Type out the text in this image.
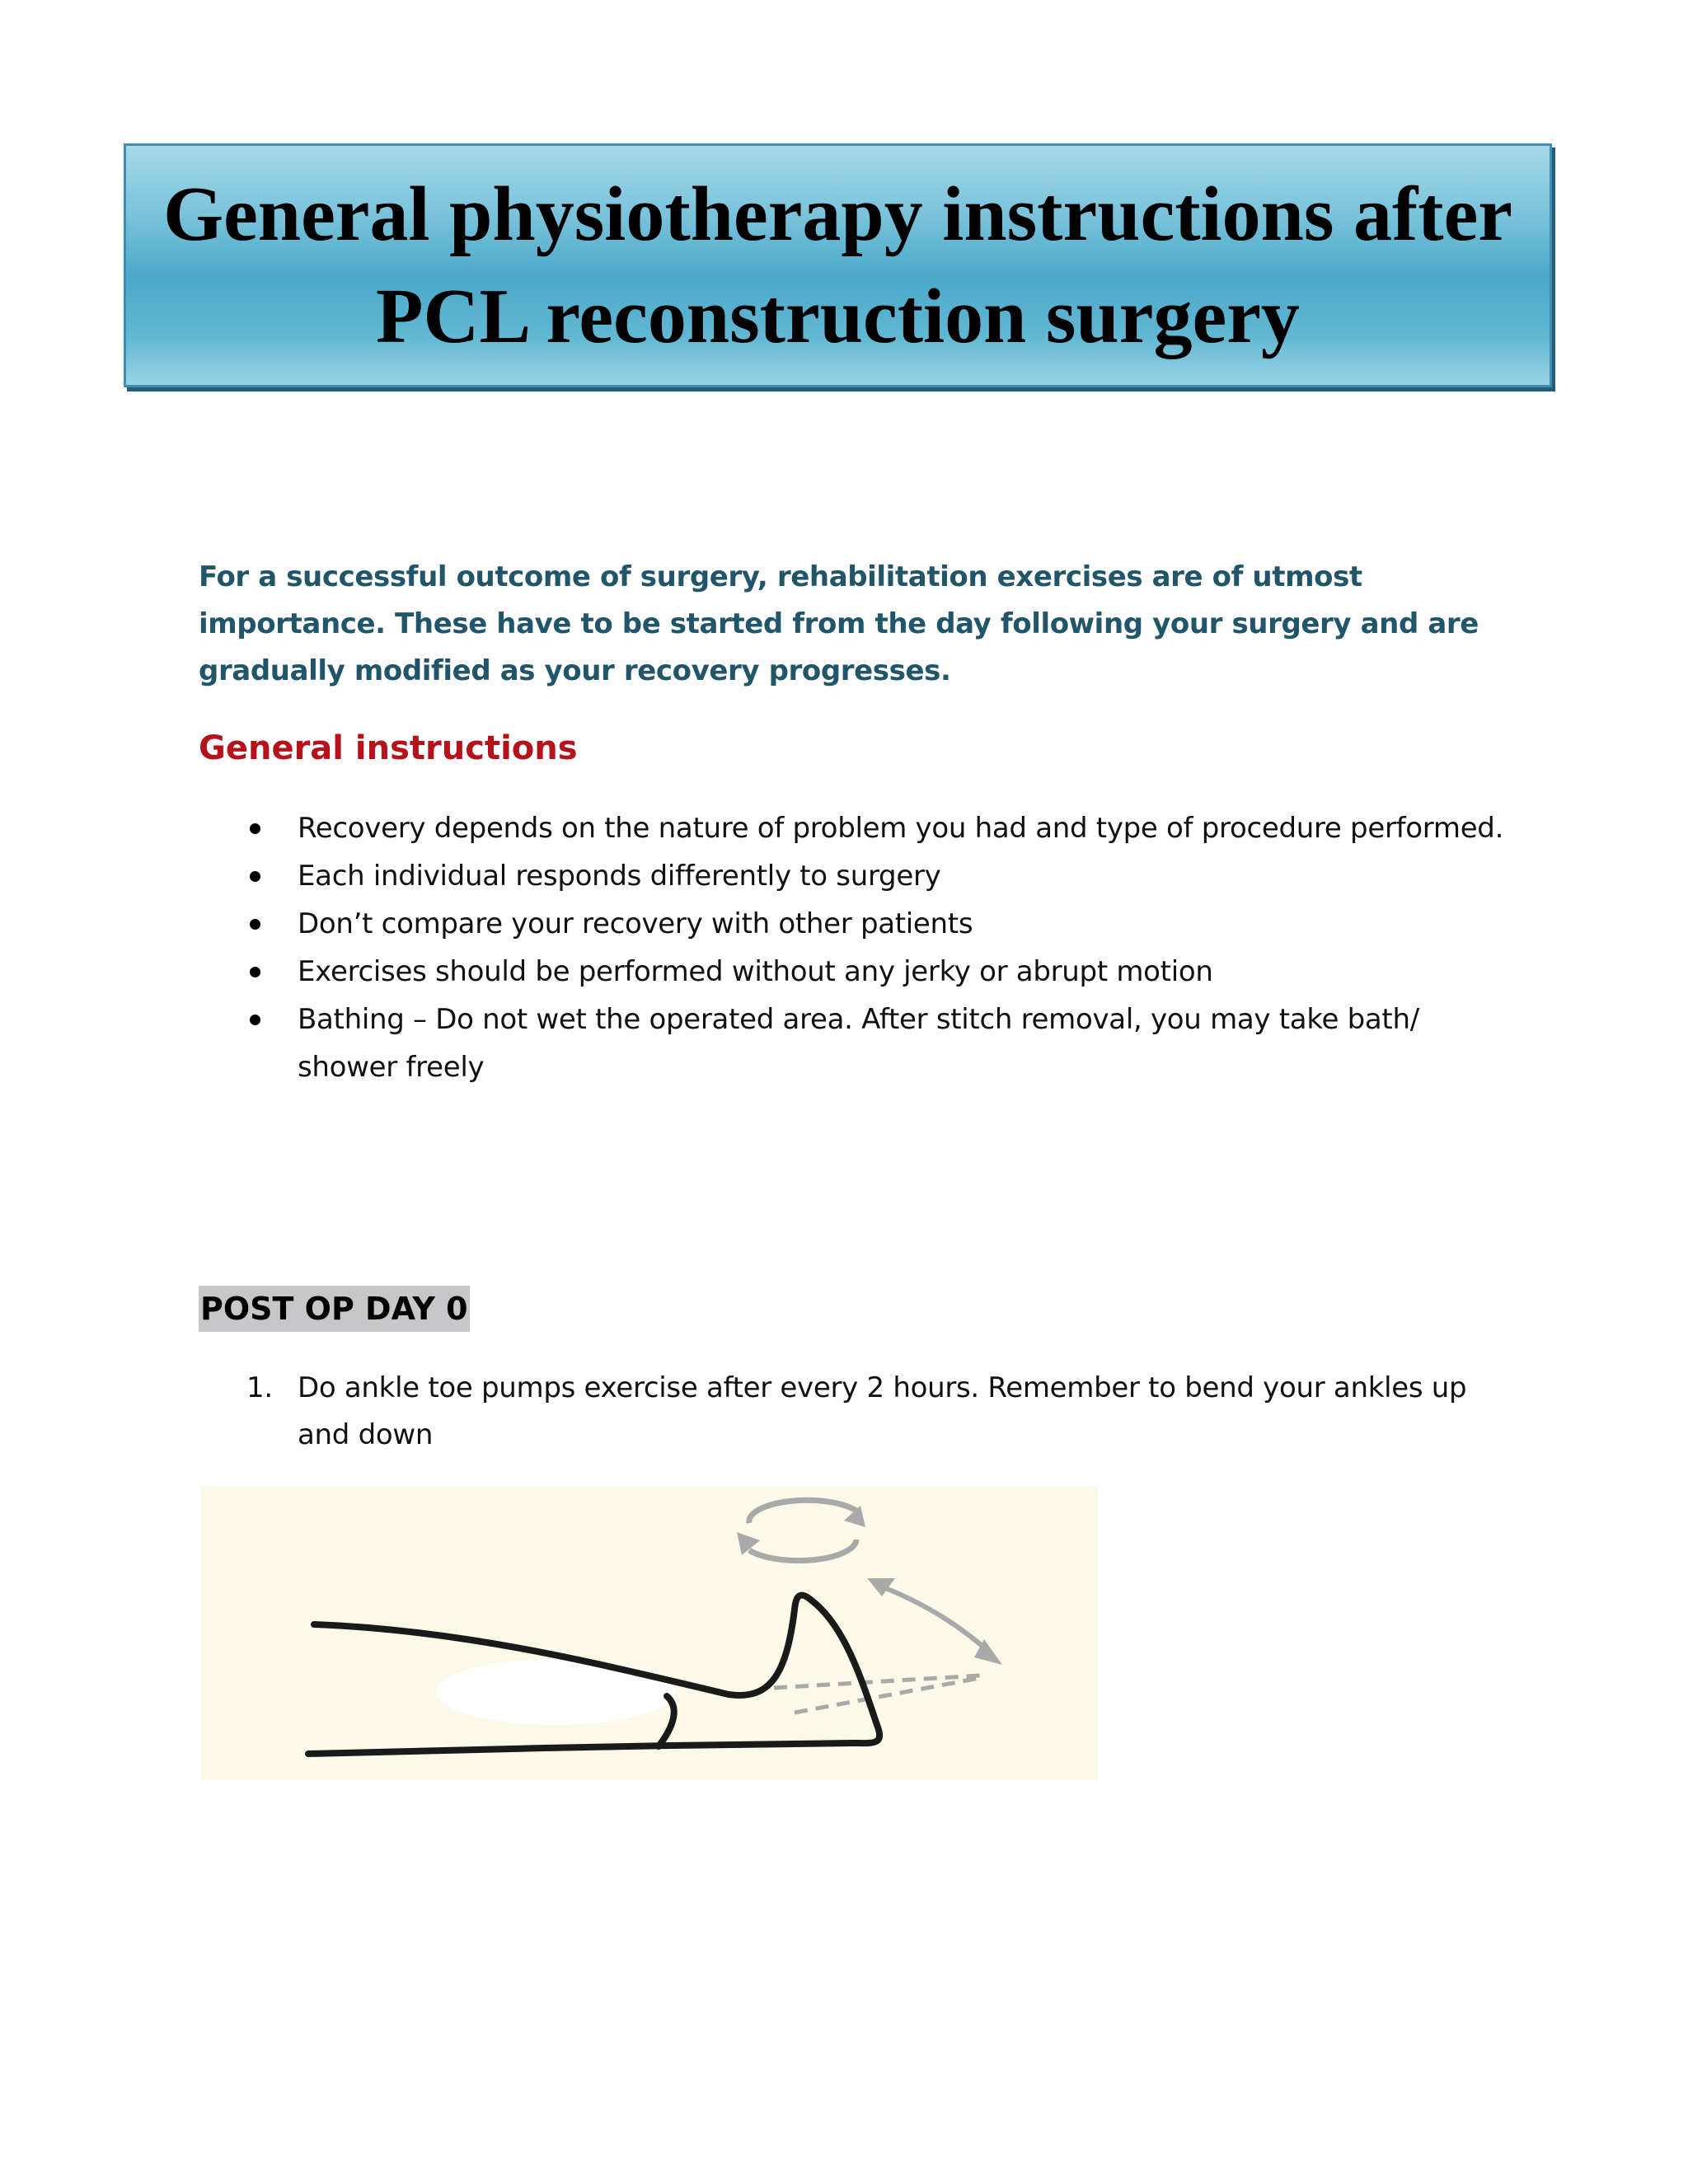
General physiotherapy instructions after
PCL reconstruction surgery

For a successful outcome of surgery, rehabilitation exercises are of utmost importance. These have to be started from the day following your surgery and are gradually modified as your recovery progresses.

General instructions
Recovery depends on the nature of problem you had and type of procedure performed.
Each individual responds differently to surgery
Don’t compare your recovery with other patients
Exercises should be performed without any jerky or abrupt motion
Bathing – Do not wet the operated area. After stitch removal, you may take bath/ shower freely
POST OP DAY 0
1. Do ankle toe pumps exercise after every 2 hours. Remember to bend your ankles up and down
